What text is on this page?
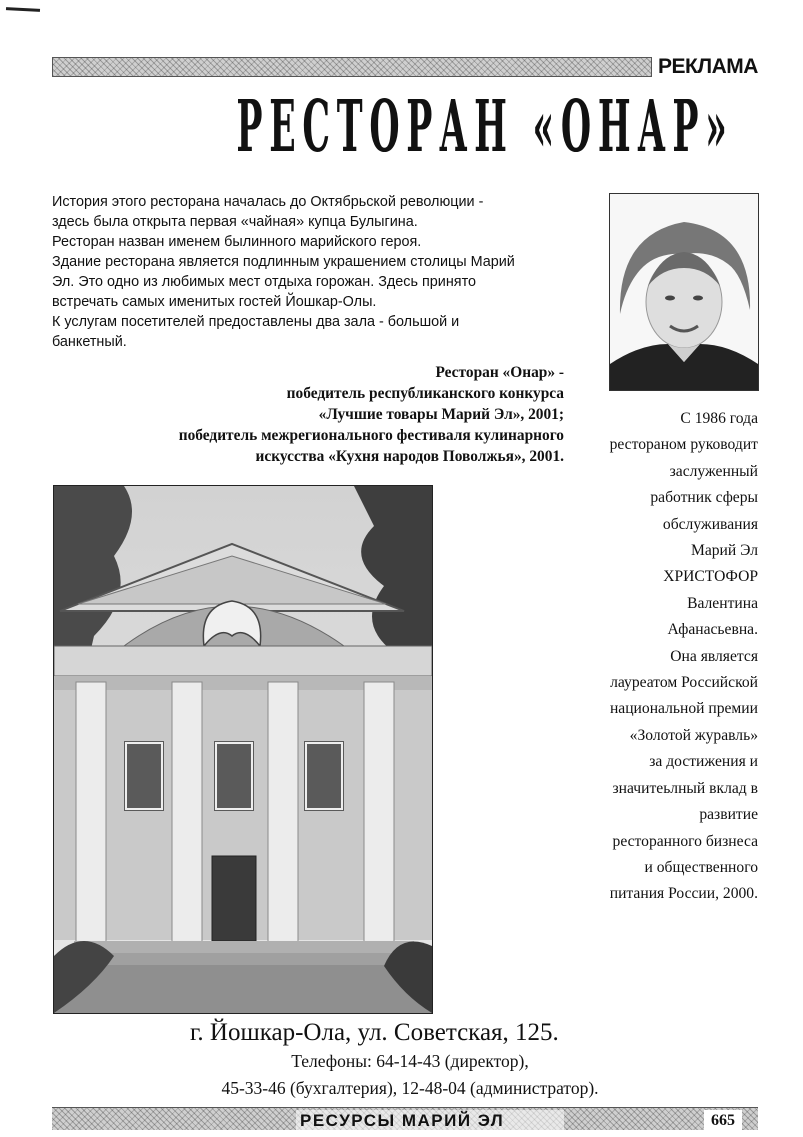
РЕКЛАМА
РЕСТОРАН «ОНАР»

История этого ресторана началась до Октябрьской революции -

здесь была открыта первая «чайная» купца Булыгина.

Ресторан назван именем былинного марийского героя.

Здание ресторана является подлинным украшением столицы Марий

Эл. Это одно из любимых мест отдыха горожан. Здесь принято

встречать самых именитых гостей Йошкар-Олы.

К услугам посетителей предоставлены два зала - большой и

банкетный.

Ресторан «Онар» -

победитель республиканского конкурса

«Лучшие товары Марий Эл», 2001;

победитель межрегионального фестиваля кулинарного

искусства «Кухня народов Поволжья», 2001.

С 1986 года

рестораном руководит

заслуженный

работник сферы

обслуживания

Марий Эл

ХРИСТОФОР

Валентина

Афанасьевна.

Она является

лауреатом Российской

национальной премии

«Золотой журавль»

за достижения и

значитеьлный вклад в

развитие

ресторанного бизнеса

и общественного

питания России, 2000.

г. Йошкар-Ола, ул. Советская, 125.

Телефоны: 64-14-43 (директор),

45-33-46 (бухгалтерия), 12-48-04 (администратор).

РЕСУРСЫ МАРИЙ ЭЛ	665
